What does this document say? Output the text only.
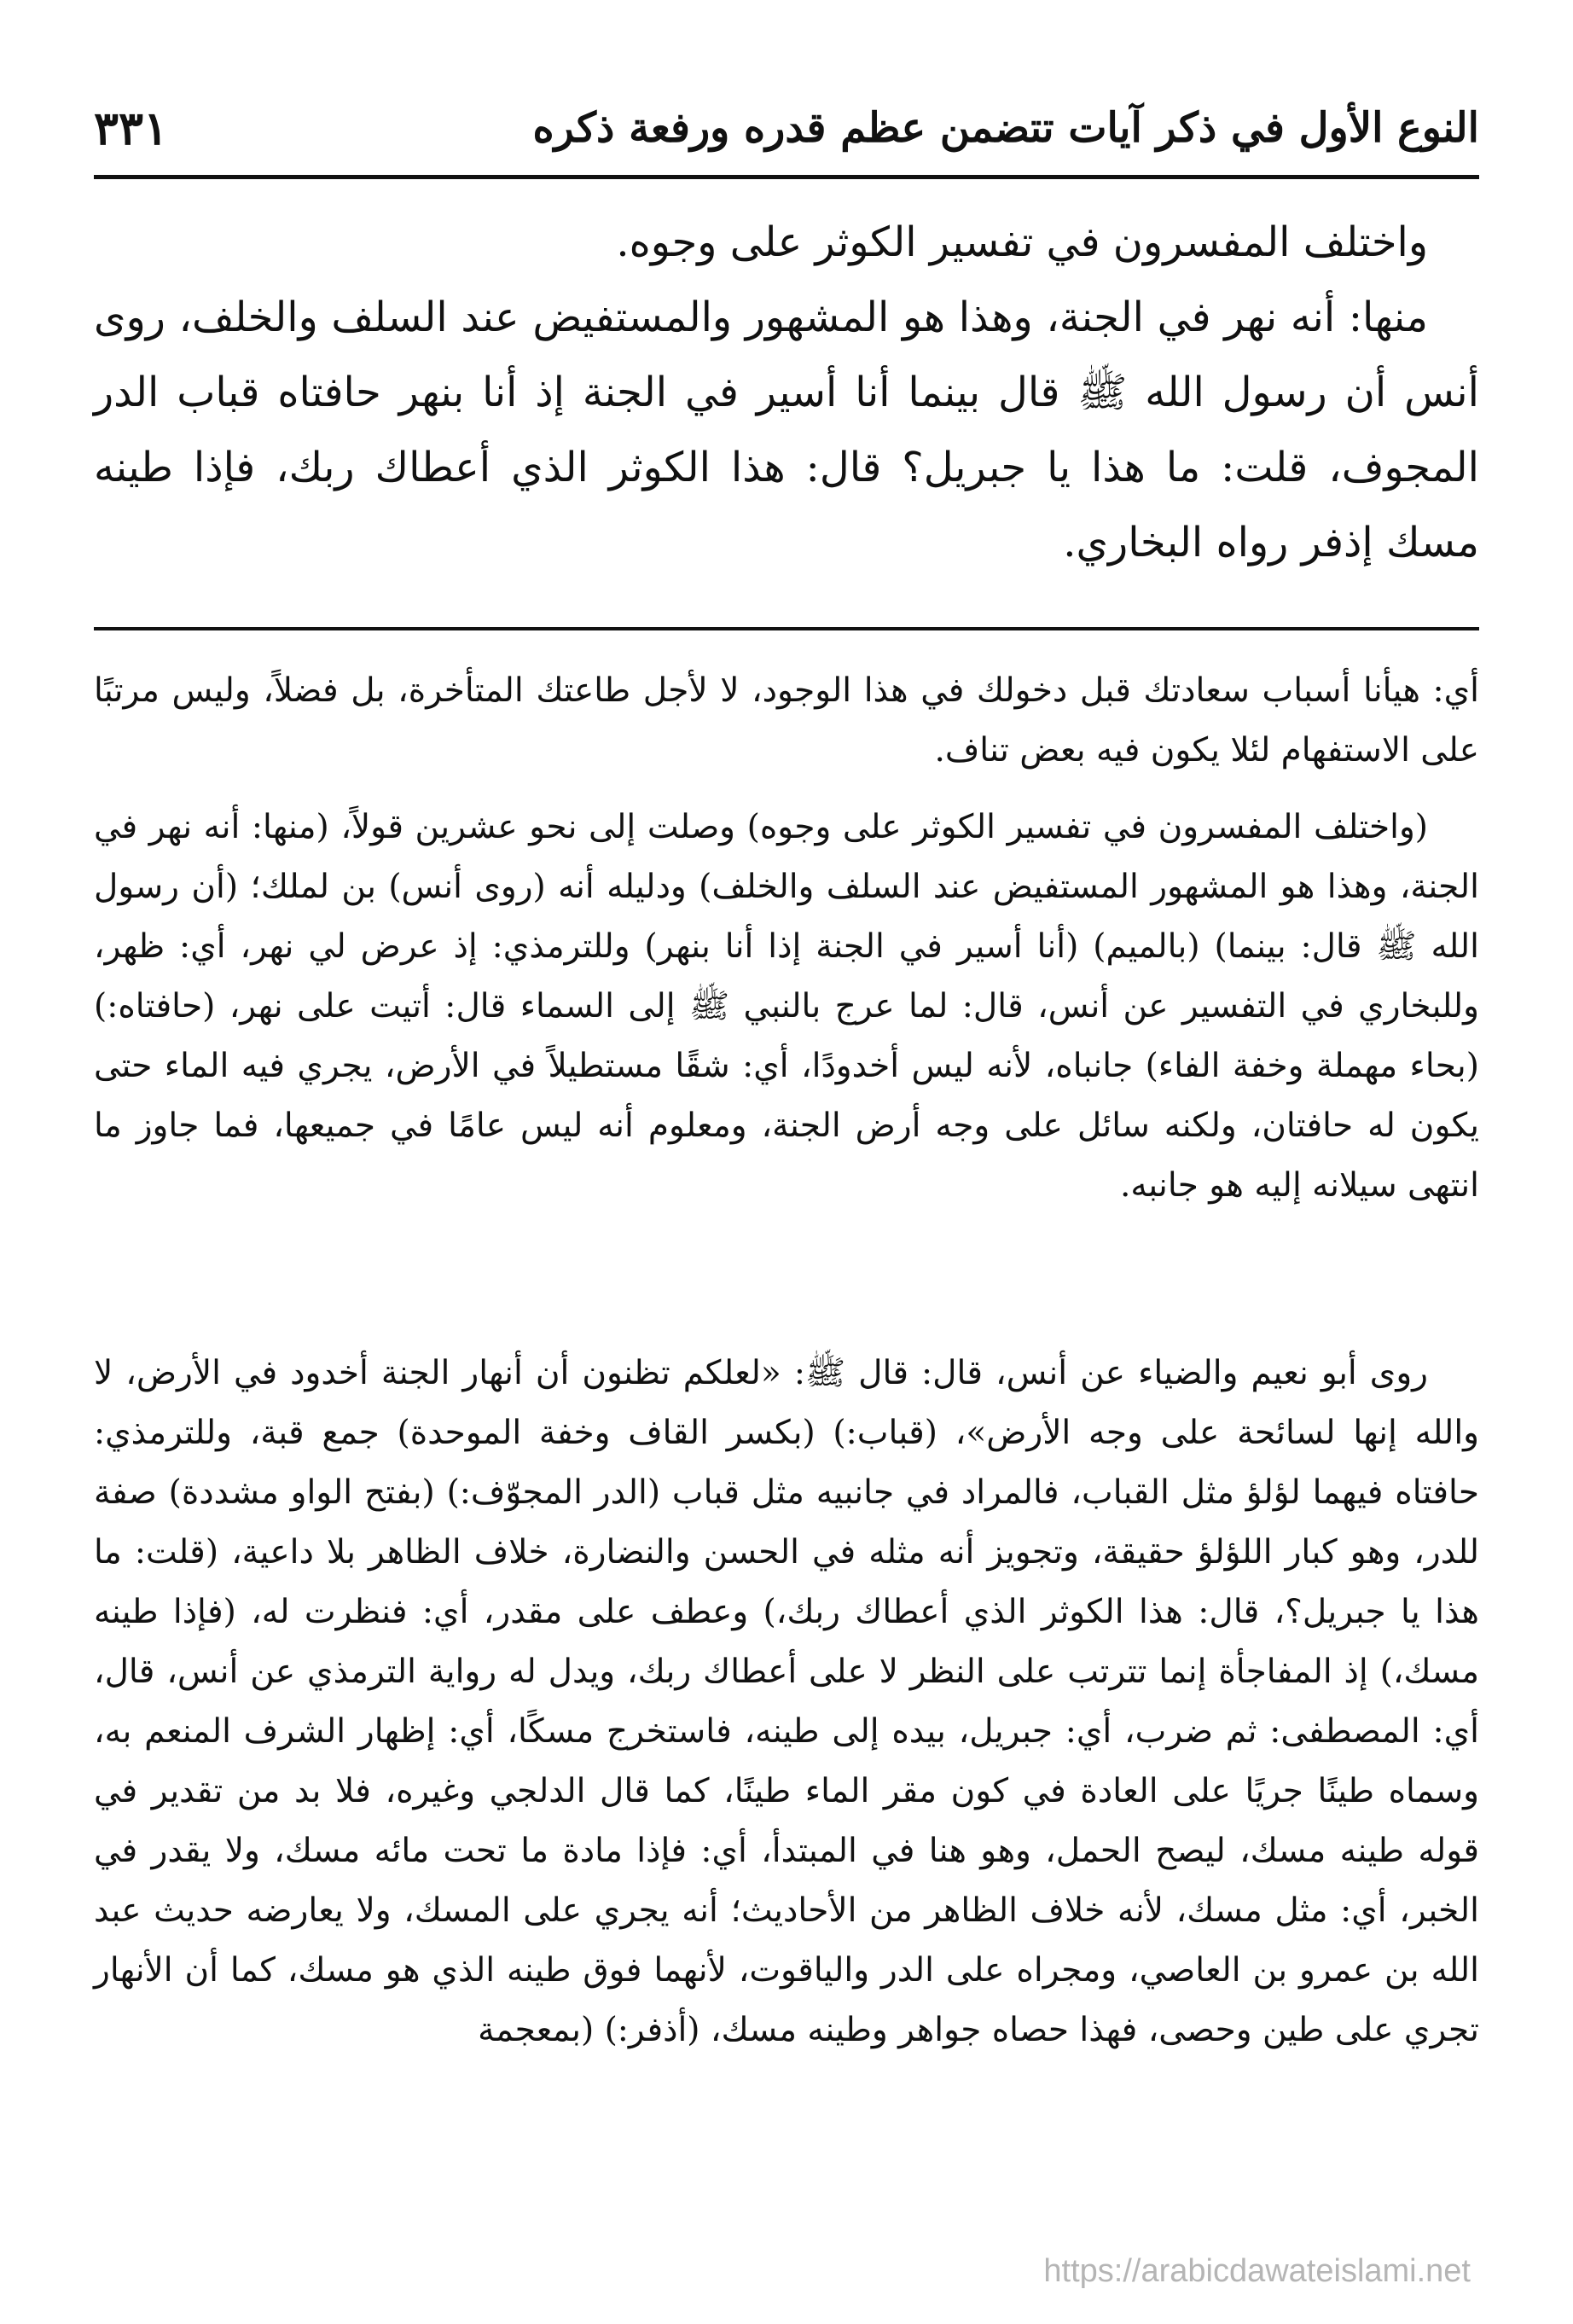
النوع الأول في ذكر آيات تتضمن عظم قدره ورفعة ذكره
٣٣١

واختلف المفسرون في تفسير الكوثر على وجوه.

منها: أنه نهر في الجنة، وهذا هو المشهور والمستفيض عند السلف والخلف، روى أنس أن رسول الله ﷺ قال بينما أنا أسير في الجنة إذ أنا بنهر حافتاه قباب الدر المجوف، قلت: ما هذا يا جبريل؟ قال: هذا الكوثر الذي أعطاك ربك، فإذا طينه مسك إذفر رواه البخاري.

أي: هيأنا أسباب سعادتك قبل دخولك في هذا الوجود، لا لأجل طاعتك المتأخرة، بل فضلاً، وليس مرتبًا على الاستفهام لئلا يكون فيه بعض تناف.

(واختلف المفسرون في تفسير الكوثر على وجوه) وصلت إلى نحو عشرين قولاً، (منها: أنه نهر في الجنة، وهذا هو المشهور المستفيض عند السلف والخلف) ودليله أنه (روى أنس) بن لملك؛ (أن رسول الله ﷺ قال: بينما) (بالميم) (أنا أسير في الجنة إذا أنا بنهر) وللترمذي: إذ عرض لي نهر، أي: ظهر، وللبخاري في التفسير عن أنس، قال: لما عرج بالنبي ﷺ إلى السماء قال: أتيت على نهر، (حافتاه:) (بحاء مهملة وخفة الفاء) جانباه، لأنه ليس أخدودًا، أي: شقًا مستطيلاً في الأرض، يجري فيه الماء حتى يكون له حافتان، ولكنه سائل على وجه أرض الجنة، ومعلوم أنه ليس عامًا في جميعها، فما جاوز ما انتهى سيلانه إليه هو جانبه.

روى أبو نعيم والضياء عن أنس، قال: قال ﷺ: «لعلكم تظنون أن أنهار الجنة أخدود في الأرض، لا والله إنها لسائحة على وجه الأرض»، (قباب:) (بكسر القاف وخفة الموحدة) جمع قبة، وللترمذي: حافتاه فيهما لؤلؤ مثل القباب، فالمراد في جانبيه مثل قباب (الدر المجوّف:) (بفتح الواو مشددة) صفة للدر، وهو كبار اللؤلؤ حقيقة، وتجويز أنه مثله في الحسن والنضارة، خلاف الظاهر بلا داعية، (قلت: ما هذا يا جبريل؟، قال: هذا الكوثر الذي أعطاك ربك،) وعطف على مقدر، أي: فنظرت له، (فإذا طينه مسك،) إذ المفاجأة إنما تترتب على النظر لا على أعطاك ربك، ويدل له رواية الترمذي عن أنس، قال، أي: المصطفى: ثم ضرب، أي: جبريل، بيده إلى طينه، فاستخرج مسكًا، أي: إظهار الشرف المنعم به، وسماه طينًا جريًا على العادة في كون مقر الماء طينًا، كما قال الدلجي وغيره، فلا بد من تقدير في قوله طينه مسك، ليصح الحمل، وهو هنا في المبتدأ، أي: فإذا مادة ما تحت مائه مسك، ولا يقدر في الخبر، أي: مثل مسك، لأنه خلاف الظاهر من الأحاديث؛ أنه يجري على المسك، ولا يعارضه حديث عبد الله بن عمرو بن العاصي، ومجراه على الدر والياقوت، لأنهما فوق طينه الذي هو مسك، كما أن الأنهار تجري على طين وحصى، فهذا حصاه جواهر وطينه مسك، (أذفر:) (بمعجمة

https://arabicdawateislami.net
